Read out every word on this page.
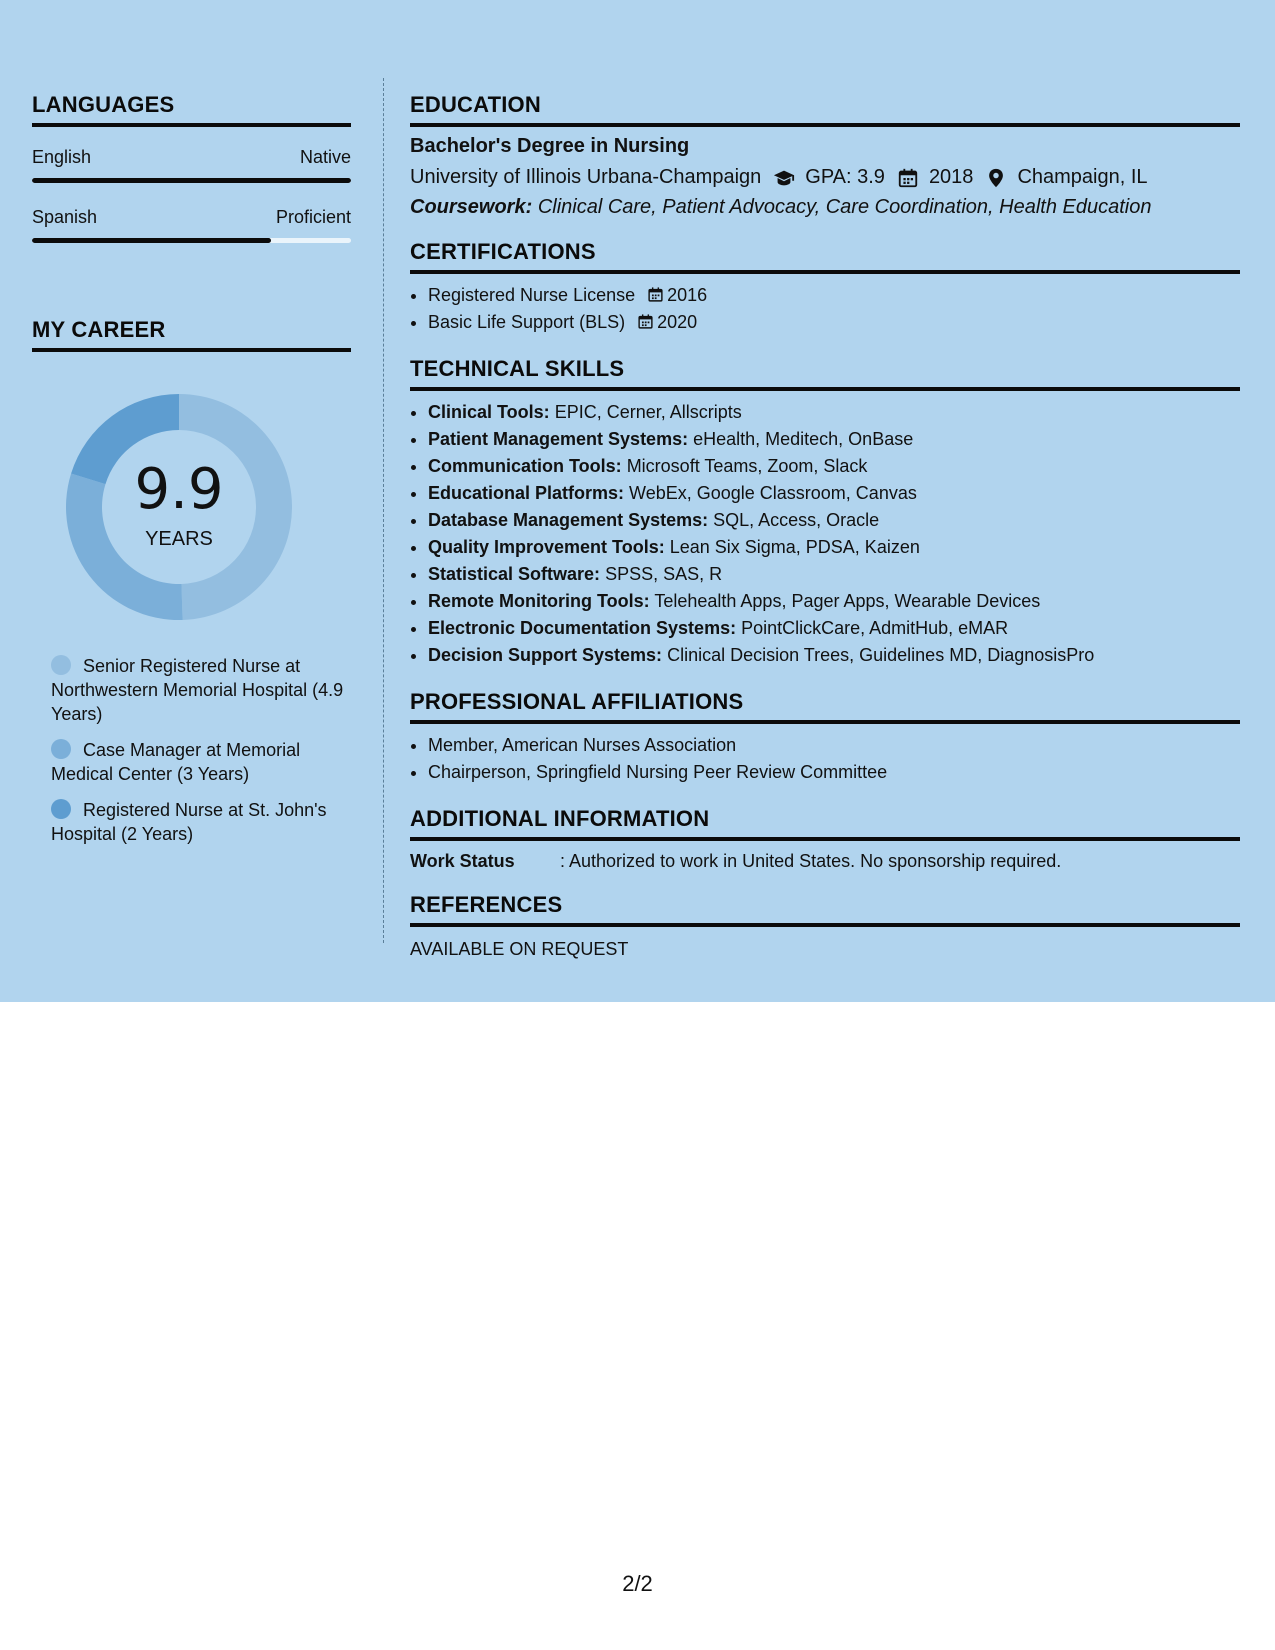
LANGUAGES
English	Native
Spanish	Proficient
MY CAREER
9.9
YEARS
Senior Registered Nurse at Northwestern Memorial Hospital (4.9 Years)
Case Manager at Memorial Medical Center (3 Years)
Registered Nurse at St. John's Hospital (2 Years)
EDUCATION
Bachelor's Degree in Nursing
University of Illinois Urbana-Champaign GPA: 3.9 2018 Champaign, IL
Coursework: Clinical Care, Patient Advocacy, Care Coordination, Health Education
CERTIFICATIONS
• Registered Nurse License 2016
• Basic Life Support (BLS) 2020
TECHNICAL SKILLS
• Clinical Tools: EPIC, Cerner, Allscripts
• Patient Management Systems: eHealth, Meditech, OnBase
• Communication Tools: Microsoft Teams, Zoom, Slack
• Educational Platforms: WebEx, Google Classroom, Canvas
• Database Management Systems: SQL, Access, Oracle
• Quality Improvement Tools: Lean Six Sigma, PDSA, Kaizen
• Statistical Software: SPSS, SAS, R
• Remote Monitoring Tools: Telehealth Apps, Pager Apps, Wearable Devices
• Electronic Documentation Systems: PointClickCare, AdmitHub, eMAR
• Decision Support Systems: Clinical Decision Trees, Guidelines MD, DiagnosisPro
PROFESSIONAL AFFILIATIONS
• Member, American Nurses Association
• Chairperson, Springfield Nursing Peer Review Committee
ADDITIONAL INFORMATION
Work Status	: Authorized to work in United States. No sponsorship required.
REFERENCES
AVAILABLE ON REQUEST
2/2
